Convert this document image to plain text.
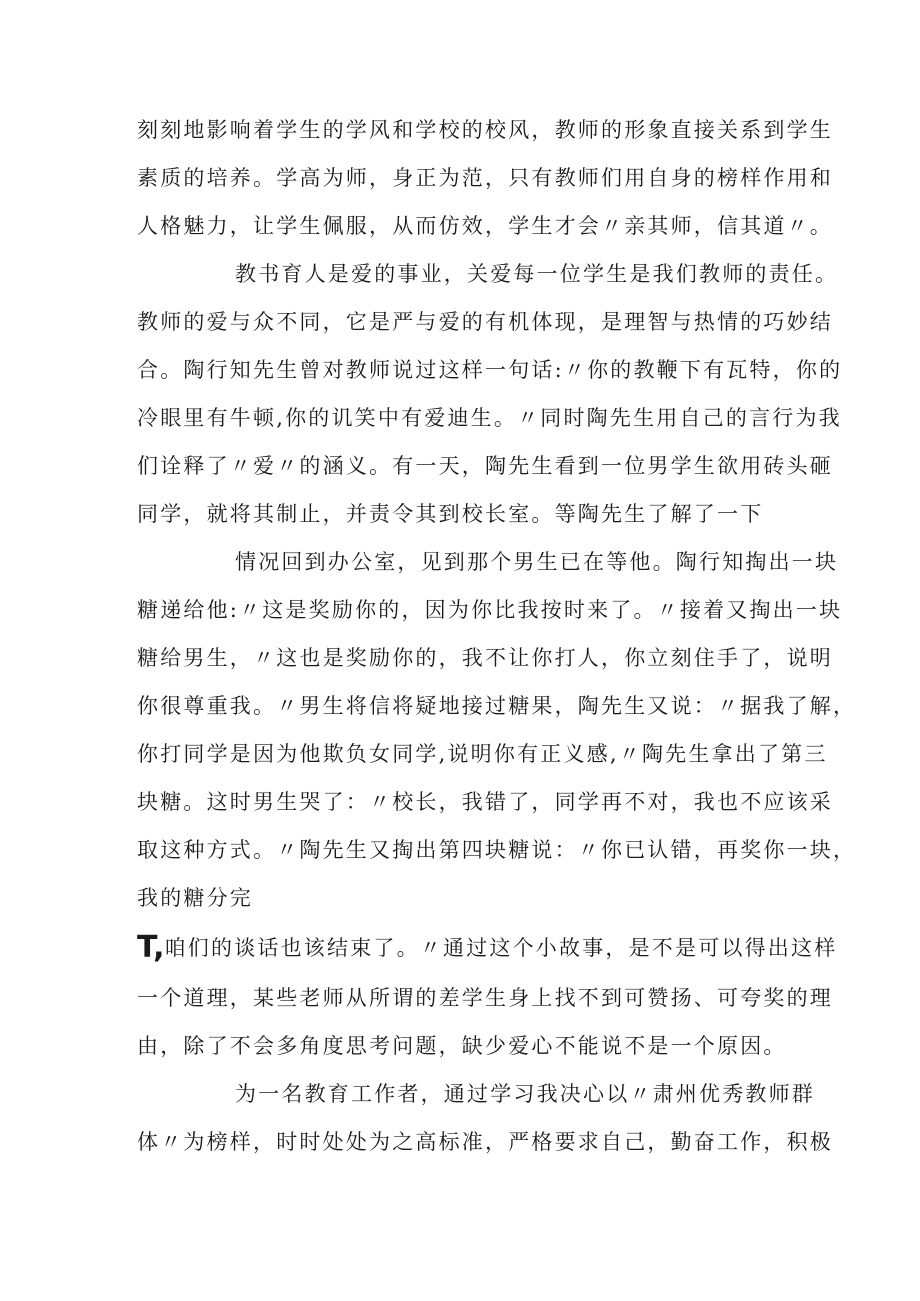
刻刻地影响着学生的学风和学校的校风，教师的形象直接关系到学生
素质的培养。学高为师，身正为范，只有教师们用自身的榜样作用和
人格魅力，让学生佩服，从而仿效，学生才会〃亲其师，信其道〃。
教书育人是爱的事业，关爱每一位学生是我们教师的责任。
教师的爱与众不同，它是严与爱的有机体现，是理智与热情的巧妙结
合。陶行知先生曾对教师说过这样一句话:〃你的教鞭下有瓦特，你的
冷眼里有牛顿,你的讥笑中有爱迪生。〃同时陶先生用自己的言行为我
们诠释了〃爱〃的涵义。有一天，陶先生看到一位男学生欲用砖头砸
同学，就将其制止，并责令其到校长室。等陶先生了解了一下
情况回到办公室，见到那个男生已在等他。陶行知掏出一块
糖递给他:〃这是奖励你的，因为你比我按时来了。〃接着又掏出一块
糖给男生，〃这也是奖励你的，我不让你打人，你立刻住手了，说明
你很尊重我。〃男生将信将疑地接过糖果，陶先生又说：〃据我了解，
你打同学是因为他欺负女同学,说明你有正义感,〃陶先生拿出了第三
块糖。这时男生哭了：〃校长，我错了，同学再不对，我也不应该采
取这种方式。〃陶先生又掏出第四块糖说：〃你已认错，再奖你一块，
我的糖分完
T,咱们的谈话也该结束了。〃通过这个小故事，是不是可以得出这样
一个道理，某些老师从所谓的差学生身上找不到可赞扬、可夸奖的理
由，除了不会多角度思考问题，缺少爱心不能说不是一个原因。
为一名教育工作者，通过学习我决心以〃肃州优秀教师群
体〃为榜样，时时处处为之高标准，严格要求自己，勤奋工作，积极
